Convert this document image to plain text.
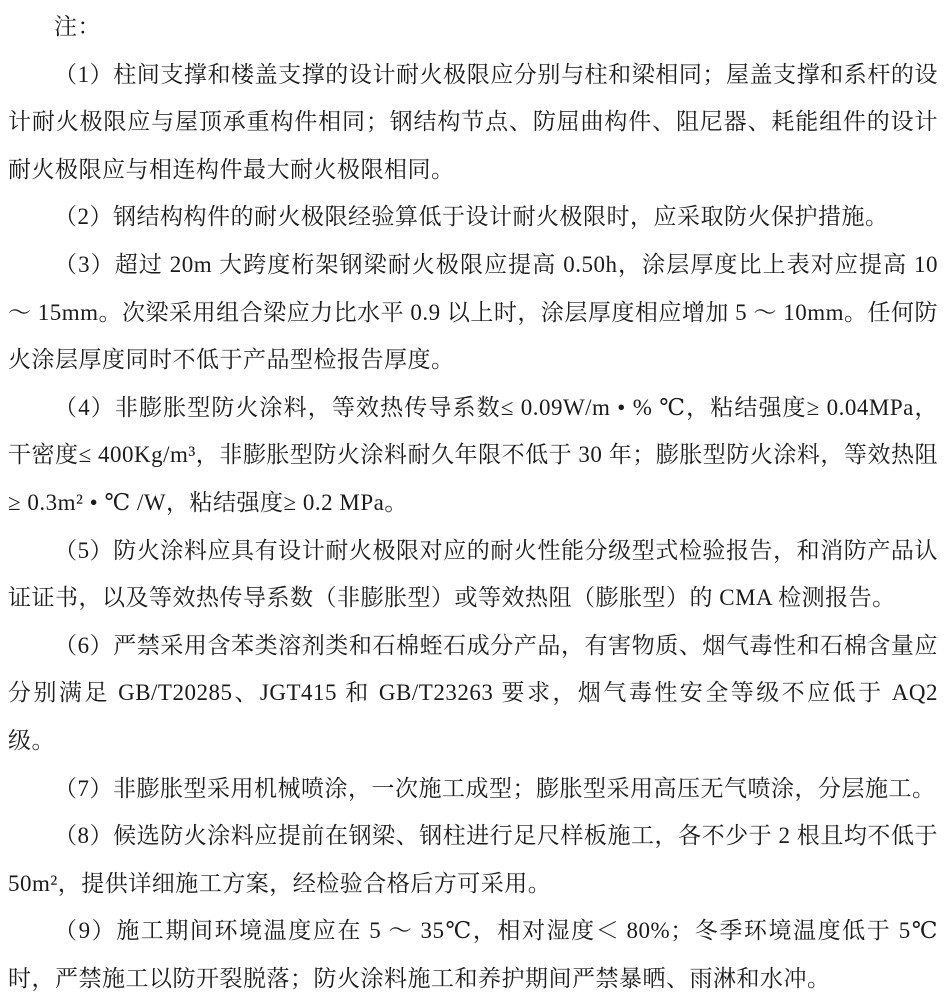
注：

（1）柱间支撑和楼盖支撑的设计耐火极限应分别与柱和梁相同；屋盖支撑和系杆的设计耐火极限应与屋顶承重构件相同；钢结构节点、防屈曲构件、阻尼器、耗能组件的设计耐火极限应与相连构件最大耐火极限相同。

（2）钢结构构件的耐火极限经验算低于设计耐火极限时，应采取防火保护措施。

（3）超过 20m 大跨度桁架钢梁耐火极限应提高 0.50h，涂层厚度比上表对应提高 10 ～ 15mm。次梁采用组合梁应力比水平 0.9 以上时，涂层厚度相应增加 5 ～ 10mm。任何防火涂层厚度同时不低于产品型检报告厚度。

（4）非膨胀型防火涂料，等效热传导系数≤ 0.09W/m • % ℃，粘结强度≥ 0.04MPa，干密度≤ 400Kg/m³，非膨胀型防火涂料耐久年限不低于 30 年；膨胀型防火涂料，等效热阻≥ 0.3m² • ℃ /W，粘结强度≥ 0.2 MPa。

（5）防火涂料应具有设计耐火极限对应的耐火性能分级型式检验报告，和消防产品认证证书，以及等效热传导系数（非膨胀型）或等效热阻（膨胀型）的 CMA 检测报告。

（6）严禁采用含苯类溶剂类和石棉蛭石成分产品，有害物质、烟气毒性和石棉含量应分别满足 GB/T20285、JGT415 和 GB/T23263 要求，烟气毒性安全等级不应低于 AQ2 级。

（7）非膨胀型采用机械喷涂，一次施工成型；膨胀型采用高压无气喷涂，分层施工。

（8）候选防火涂料应提前在钢梁、钢柱进行足尺样板施工，各不少于 2 根且均不低于 50m²，提供详细施工方案，经检验合格后方可采用。

（9）施工期间环境温度应在 5 ～ 35℃，相对湿度＜ 80%；冬季环境温度低于 5℃时，严禁施工以防开裂脱落；防火涂料施工和养护期间严禁暴晒、雨淋和水冲。
